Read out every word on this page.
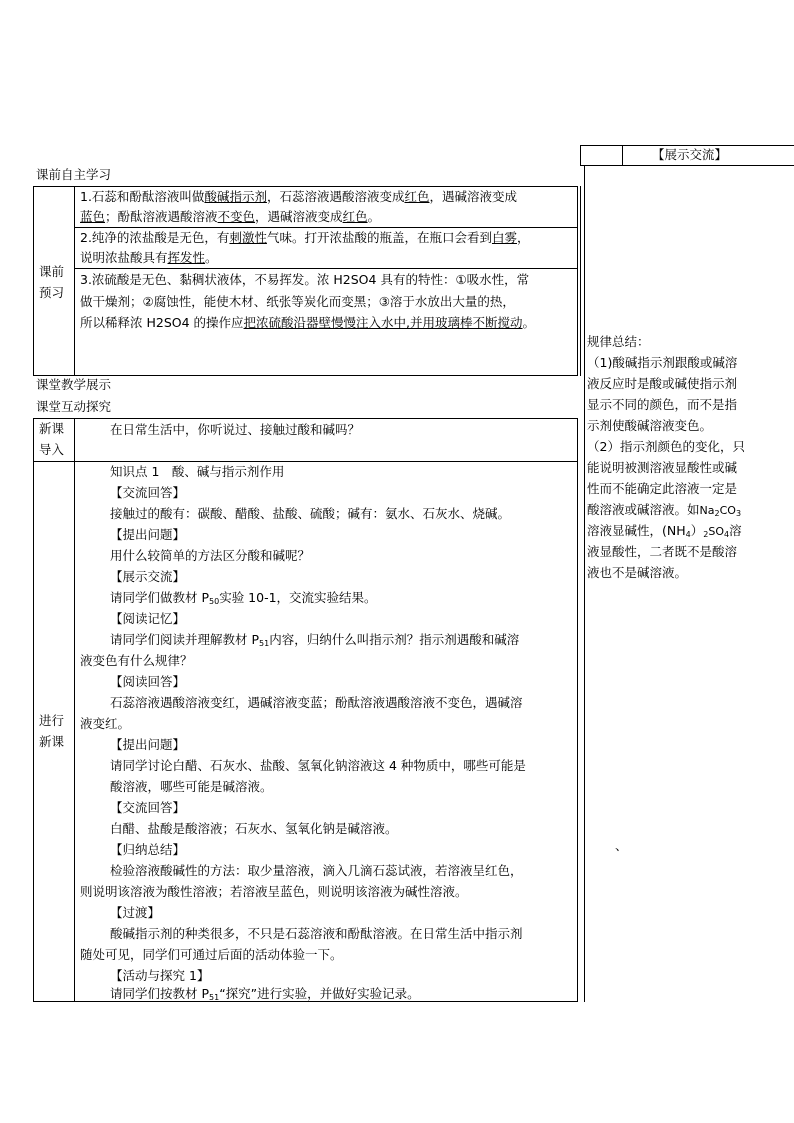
【展示交流】
规律总结：
（1)酸碱指示剂跟酸或碱溶
液反应时是酸或碱使指示剂
显示不同的颜色，而不是指
示剂使酸碱溶液变色。
（2）指示剂颜色的变化，只
能说明被测溶液显酸性或碱
性而不能确定此溶液一定是
酸溶液或碱溶液。如$Na_2CO_3$
溶液显碱性，$(NH_4)_2SO_4$溶
液显酸性，二者既不是酸溶
液也不是碱溶液。
、
课前自主学习
课前
预习
1.石蕊和酚酞溶液叫做酸碱指示剂，石蕊溶液遇酸溶液变成红色，遇碱溶液变成
蓝色；酚酞溶液遇酸溶液不变色，遇碱溶液变成红色。
2.纯净的浓盐酸是无色，有刺激性气味。打开浓盐酸的瓶盖，在瓶口会看到白雾，
说明浓盐酸具有挥发性。
3.浓硫酸是无色、黏稠状液体，不易挥发。浓 H2SO4 具有的特性：①吸水性，常
做干燥剂；②腐蚀性，能使木材、纸张等炭化而变黑；③溶于水放出大量的热，
所以稀释浓 H2SO4 的操作应把浓硫酸沿器壁慢慢注入水中,并用玻璃棒不断搅动。
课堂教学展示
课堂互动探究
新课
导入
在日常生活中，你听说过、接触过酸和碱吗？
进行
新课
知识点 1　酸、碱与指示剂作用
【交流回答】
接触过的酸有：碳酸、醋酸、盐酸、硫酸；碱有：氨水、石灰水、烧碱。
【提出问题】
用什么较简单的方法区分酸和碱呢？
【展示交流】
请同学们做教材 $P_{50}$实验 10-1，交流实验结果。
【阅读记忆】
请同学们阅读并理解教材 $P_{51}$内容，归纳什么叫指示剂？指示剂遇酸和碱溶
液变色有什么规律？
【阅读回答】
石蕊溶液遇酸溶液变红，遇碱溶液变蓝；酚酞溶液遇酸溶液不变色，遇碱溶
液变红。
【提出问题】
请同学讨论白醋、石灰水、盐酸、氢氧化钠溶液这 4 种物质中，哪些可能是
酸溶液，哪些可能是碱溶液。
【交流回答】
白醋、盐酸是酸溶液；石灰水、氢氧化钠是碱溶液。
【归纳总结】
检验溶液酸碱性的方法：取少量溶液，滴入几滴石蕊试液，若溶液呈红色，
则说明该溶液为酸性溶液；若溶液呈蓝色，则说明该溶液为碱性溶液。
【过渡】
酸碱指示剂的种类很多，不只是石蕊溶液和酚酞溶液。在日常生活中指示剂
随处可见，同学们可通过后面的活动体验一下。
【活动与探究 1】
请同学们按教材 $P_{51}“$探究”进行实验，并做好实验记录。
